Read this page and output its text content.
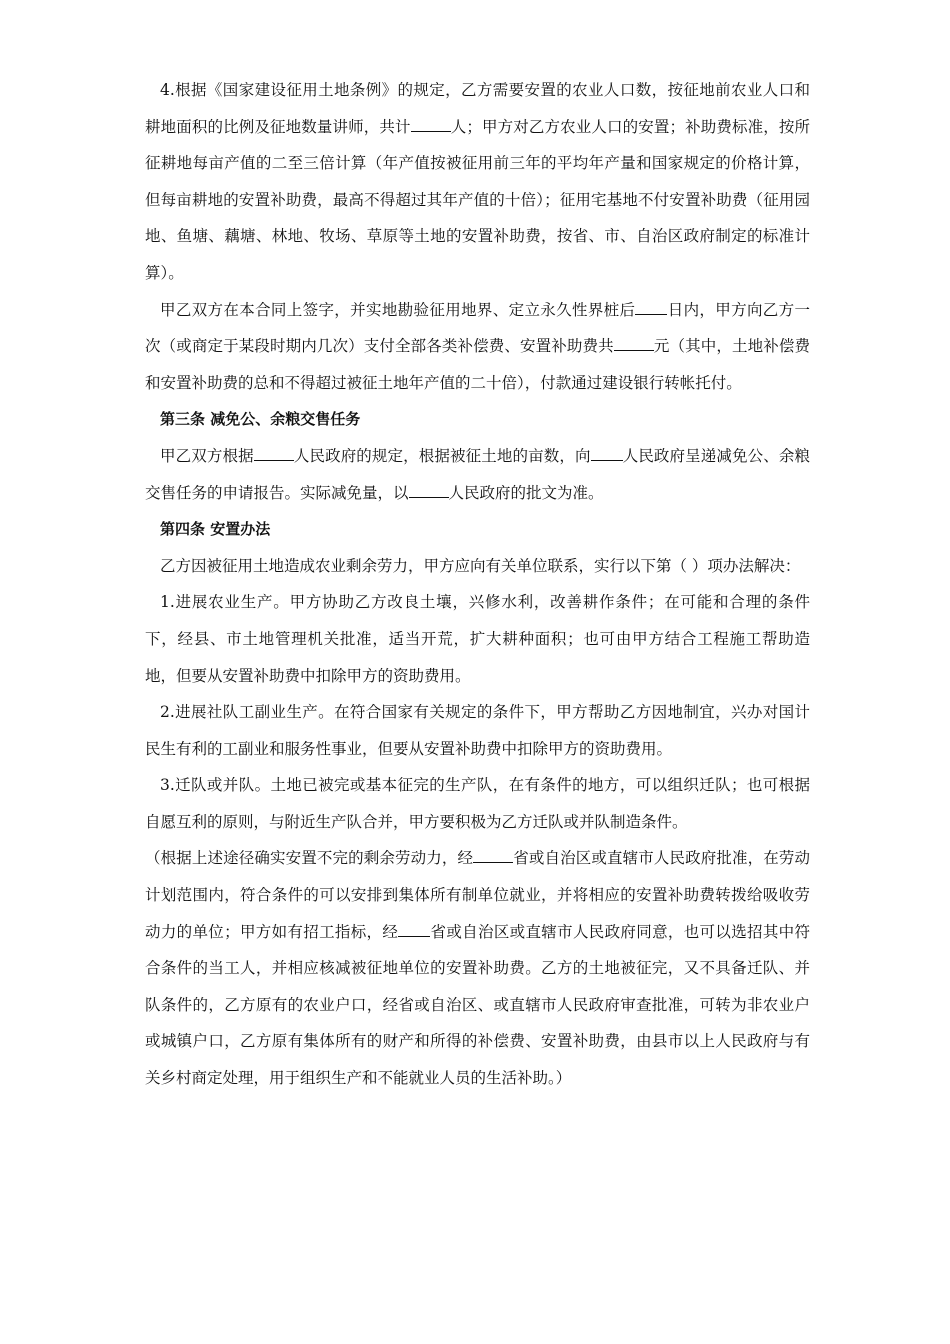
4.根据《国家建设征用土地条例》的规定，乙方需要安置的农业人口数，按征地前农业人口和耕地面积的比例及征地数量讲师，共计	人；甲方对乙方农业人口的安置；补助费标准，按所征耕地每亩产值的二至三倍计算（年产值按被征用前三年的平均年产量和国家规定的价格计算，但每亩耕地的安置补助费，最高不得超过其年产值的十倍）；征用宅基地不付安置补助费（征用园地、鱼塘、藕塘、林地、牧场、草原等土地的安置补助费，按省、市、自治区政府制定的标准计算）。

甲乙双方在本合同上签字，并实地勘验征用地界、定立永久性界桩后 日内，甲方向乙方一次（或商定于某段时期内几次）支付全部各类补偿费、安置补助费共	元（其中，土地补偿费和安置补助费的总和不得超过被征土地年产值的二十倍），付款通过建设银行转帐托付。

第三条 减免公、余粮交售任务

甲乙双方根据	人民政府的规定，根据被征土地的亩数，向 人民政府呈递减免公、余粮交售任务的申请报告。实际减免量，以	人民政府的批文为准。

第四条 安置办法

乙方因被征用土地造成农业剩余劳力，甲方应向有关单位联系，实行以下第（ ）项办法解决：

1.进展农业生产。甲方协助乙方改良土壤，兴修水利，改善耕作条件；在可能和合理的条件下，经县、市土地管理机关批准，适当开荒，扩大耕种面积；也可由甲方结合工程施工帮助造地，但要从安置补助费中扣除甲方的资助费用。

2.进展社队工副业生产。在符合国家有关规定的条件下，甲方帮助乙方因地制宜，兴办对国计民生有利的工副业和服务性事业，但要从安置补助费中扣除甲方的资助费用。

3.迁队或并队。土地已被完或基本征完的生产队，在有条件的地方，可以组织迁队；也可根据自愿互利的原则，与附近生产队合并，甲方要积极为乙方迁队或并队制造条件。

（根据上述途径确实安置不完的剩余劳动力，经	省或自治区或直辖市人民政府批准，在劳动计划范围内，符合条件的可以安排到集体所有制单位就业，并将相应的安置补助费转拨给吸收劳动力的单位；甲方如有招工指标，经 省或自治区或直辖市人民政府同意，也可以选招其中符合条件的当工人，并相应核减被征地单位的安置补助费。乙方的土地被征完，又不具备迁队、并队条件的，乙方原有的农业户口，经省或自治区、或直辖市人民政府审查批准，可转为非农业户或城镇户口，乙方原有集体所有的财产和所得的补偿费、安置补助费，由县市以上人民政府与有关乡村商定处理，用于组织生产和不能就业人员的生活补助。）
